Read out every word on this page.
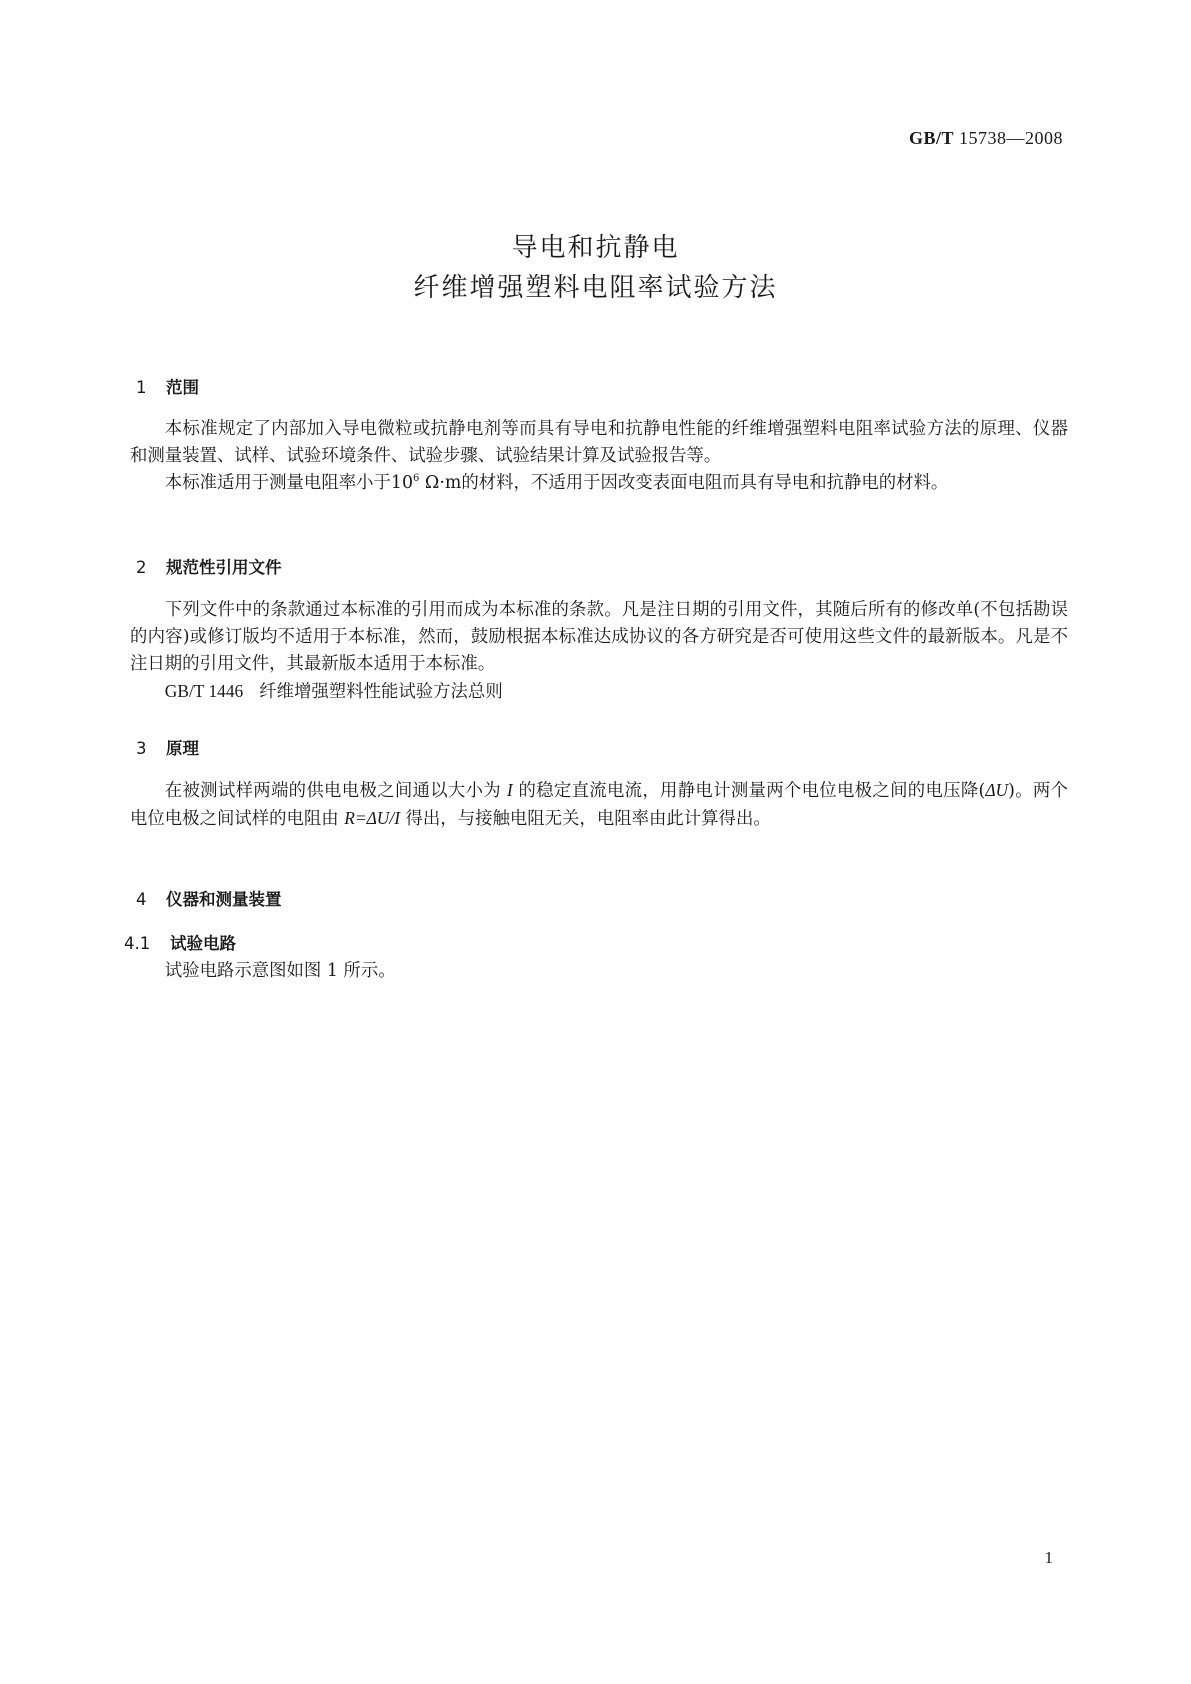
GB/T 15738—2008
导电和抗静电
纤维增强塑料电阻率试验方法
1 范围

本标准规定了内部加入导电微粒或抗静电剂等而具有导电和抗静电性能的纤维增强塑料电阻率试验方法的原理、仪器和测量装置、试样、试验环境条件、试验步骤、试验结果计算及试验报告等。

本标准适用于测量电阻率小于$10^6$ Ω·m的材料，不适用于因改变表面电阻而具有导电和抗静电的材料。

2 规范性引用文件

下列文件中的条款通过本标准的引用而成为本标准的条款。凡是注日期的引用文件，其随后所有的修改单(不包括勘误的内容)或修订版均不适用于本标准，然而，鼓励根据本标准达成协议的各方研究是否可使用这些文件的最新版本。凡是不注日期的引用文件，其最新版本适用于本标准。

GB/T 1446 纤维增强塑料性能试验方法总则

3 原理

在被测试样两端的供电电极之间通以大小为 I 的稳定直流电流，用静电计测量两个电位电极之间的电压降(ΔU)。两个电位电极之间试样的电阻由 R=ΔU/I 得出，与接触电阻无关，电阻率由此计算得出。

4 仪器和测量装置
4.1 试验电路

试验电路示意图如图 1 所示。

1
